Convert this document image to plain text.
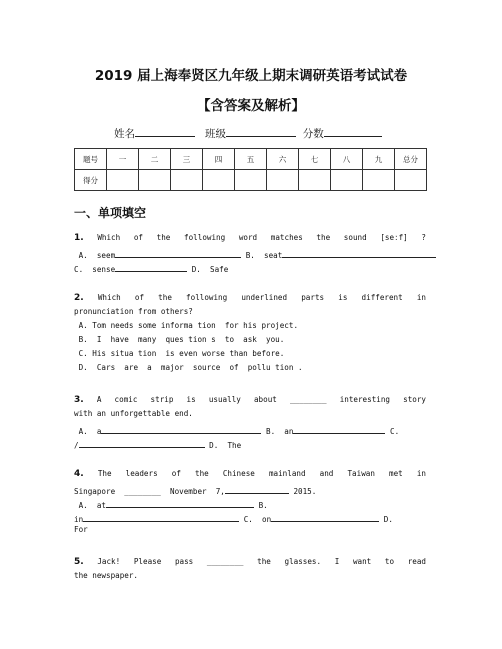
2019 届上海奉贤区九年级上期末调研英语考试试卷
【含答案及解析】
姓名	班级	分数
题号	一	二	三	四	五	六	七	八	九	总分
得分										
一、单项填空
1. Which of the following word matches the sound [seːf] ?
A.  seem	B.  seat
C.  sense	D.  Safe
2. Which of the following underlined parts is different in
pronunciation from others?
A. Tom needs some informa tion  for his project.
B.  I  have  many  ques tion s  to  ask  you.
C. His situa tion  is even worse than before.
D.  Cars  are  a  major  source  of  pollu tion .
3. A comic strip is usually about ________ interesting story
with an unforgettable end.
A.  a	B.  an	C.
/	D.  The
4. The leaders of the Chinese mainland and Taiwan met in
Singapore  ________  November  7,	2015.
A.  at	B.
in	C.  on	D.
For
5. Jack! Please pass ________ the glasses. I want to read
the newspaper.
